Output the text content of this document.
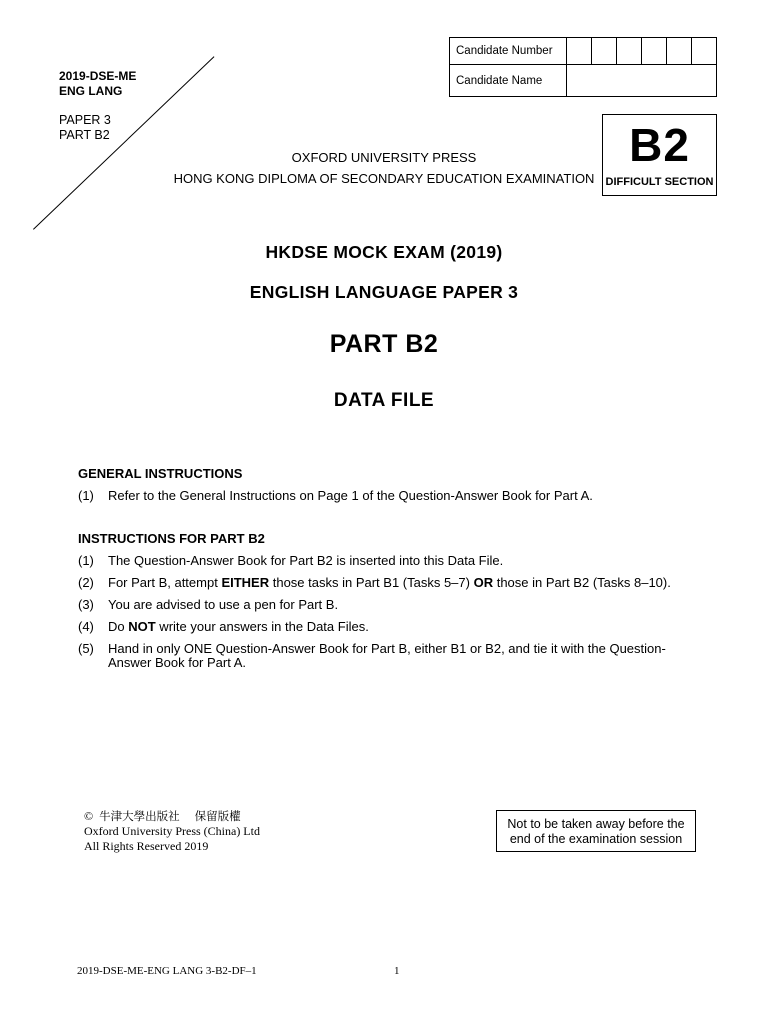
2019-DSE-ME
ENG LANG
PAPER 3
PART B2
Candidate Number						
Candidate Name						
B2
DIFFICULT SECTION
OXFORD UNIVERSITY PRESS
HONG KONG DIPLOMA OF SECONDARY EDUCATION EXAMINATION
HKDSE MOCK EXAM (2019)
ENGLISH LANGUAGE PAPER 3
PART B2
DATA FILE
GENERAL INSTRUCTIONS
(1) Refer to the General Instructions on Page 1 of the Question-Answer Book for Part A.
INSTRUCTIONS FOR PART B2
(1) The Question-Answer Book for Part B2 is inserted into this Data File.
(2) For Part B, attempt EITHER those tasks in Part B1 (Tasks 5–7) OR those in Part B2 (Tasks 8–10).
(3) You are advised to use a pen for Part B.
(4) Do NOT write your answers in the Data Files.
(5) Hand in only ONE Question-Answer Book for Part B, either B1 or B2, and tie it with the Question-
Answer Book for Part A.
© 牛津大學出版社 保留版權
Oxford University Press (China) Ltd
All Rights Reserved 2019
Not to be taken away before the
end of the examination session
2019-DSE-ME-ENG LANG 3-B2-DF–1	1
